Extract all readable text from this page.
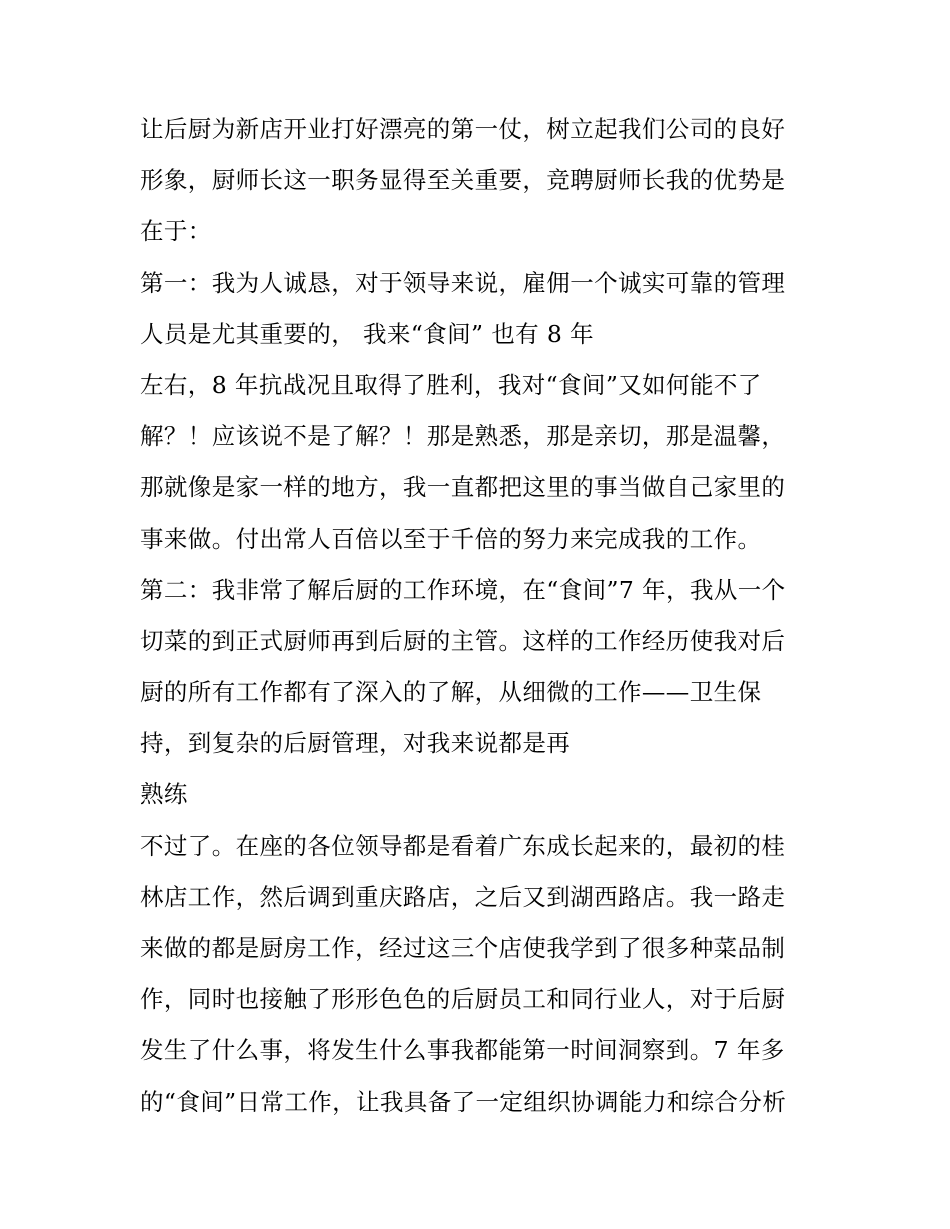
让后厨为新店开业打好漂亮的第一仗，树立起我们公司的良好
形象，厨师长这一职务显得至关重要，竞聘厨师长我的优势是
在于：
第一：我为人诚恳，对于领导来说，雇佣一个诚实可靠的管理
人员是尤其重要的， 我来“食间” 也有 8 年
左右，8 年抗战况且取得了胜利，我对“食间”又如何能不了
解？！应该说不是了解？！那是熟悉，那是亲切，那是温馨，
那就像是家一样的地方，我一直都把这里的事当做自己家里的
事来做。付出常人百倍以至于千倍的努力来完成我的工作。
第二：我非常了解后厨的工作环境，在“食间”7 年，我从一个
切菜的到正式厨师再到后厨的主管。这样的工作经历使我对后
厨的所有工作都有了深入的了解，从细微的工作——卫生保
持，到复杂的后厨管理，对我来说都是再
熟练
不过了。在座的各位领导都是看着广东成长起来的，最初的桂
林店工作，然后调到重庆路店，之后又到湖西路店。我一路走
来做的都是厨房工作，经过这三个店使我学到了很多种菜品制
作，同时也接触了形形色色的后厨员工和同行业人，对于后厨
发生了什么事，将发生什么事我都能第一时间洞察到。7 年多
的“食间”日常工作，让我具备了一定组织协调能力和综合分析
